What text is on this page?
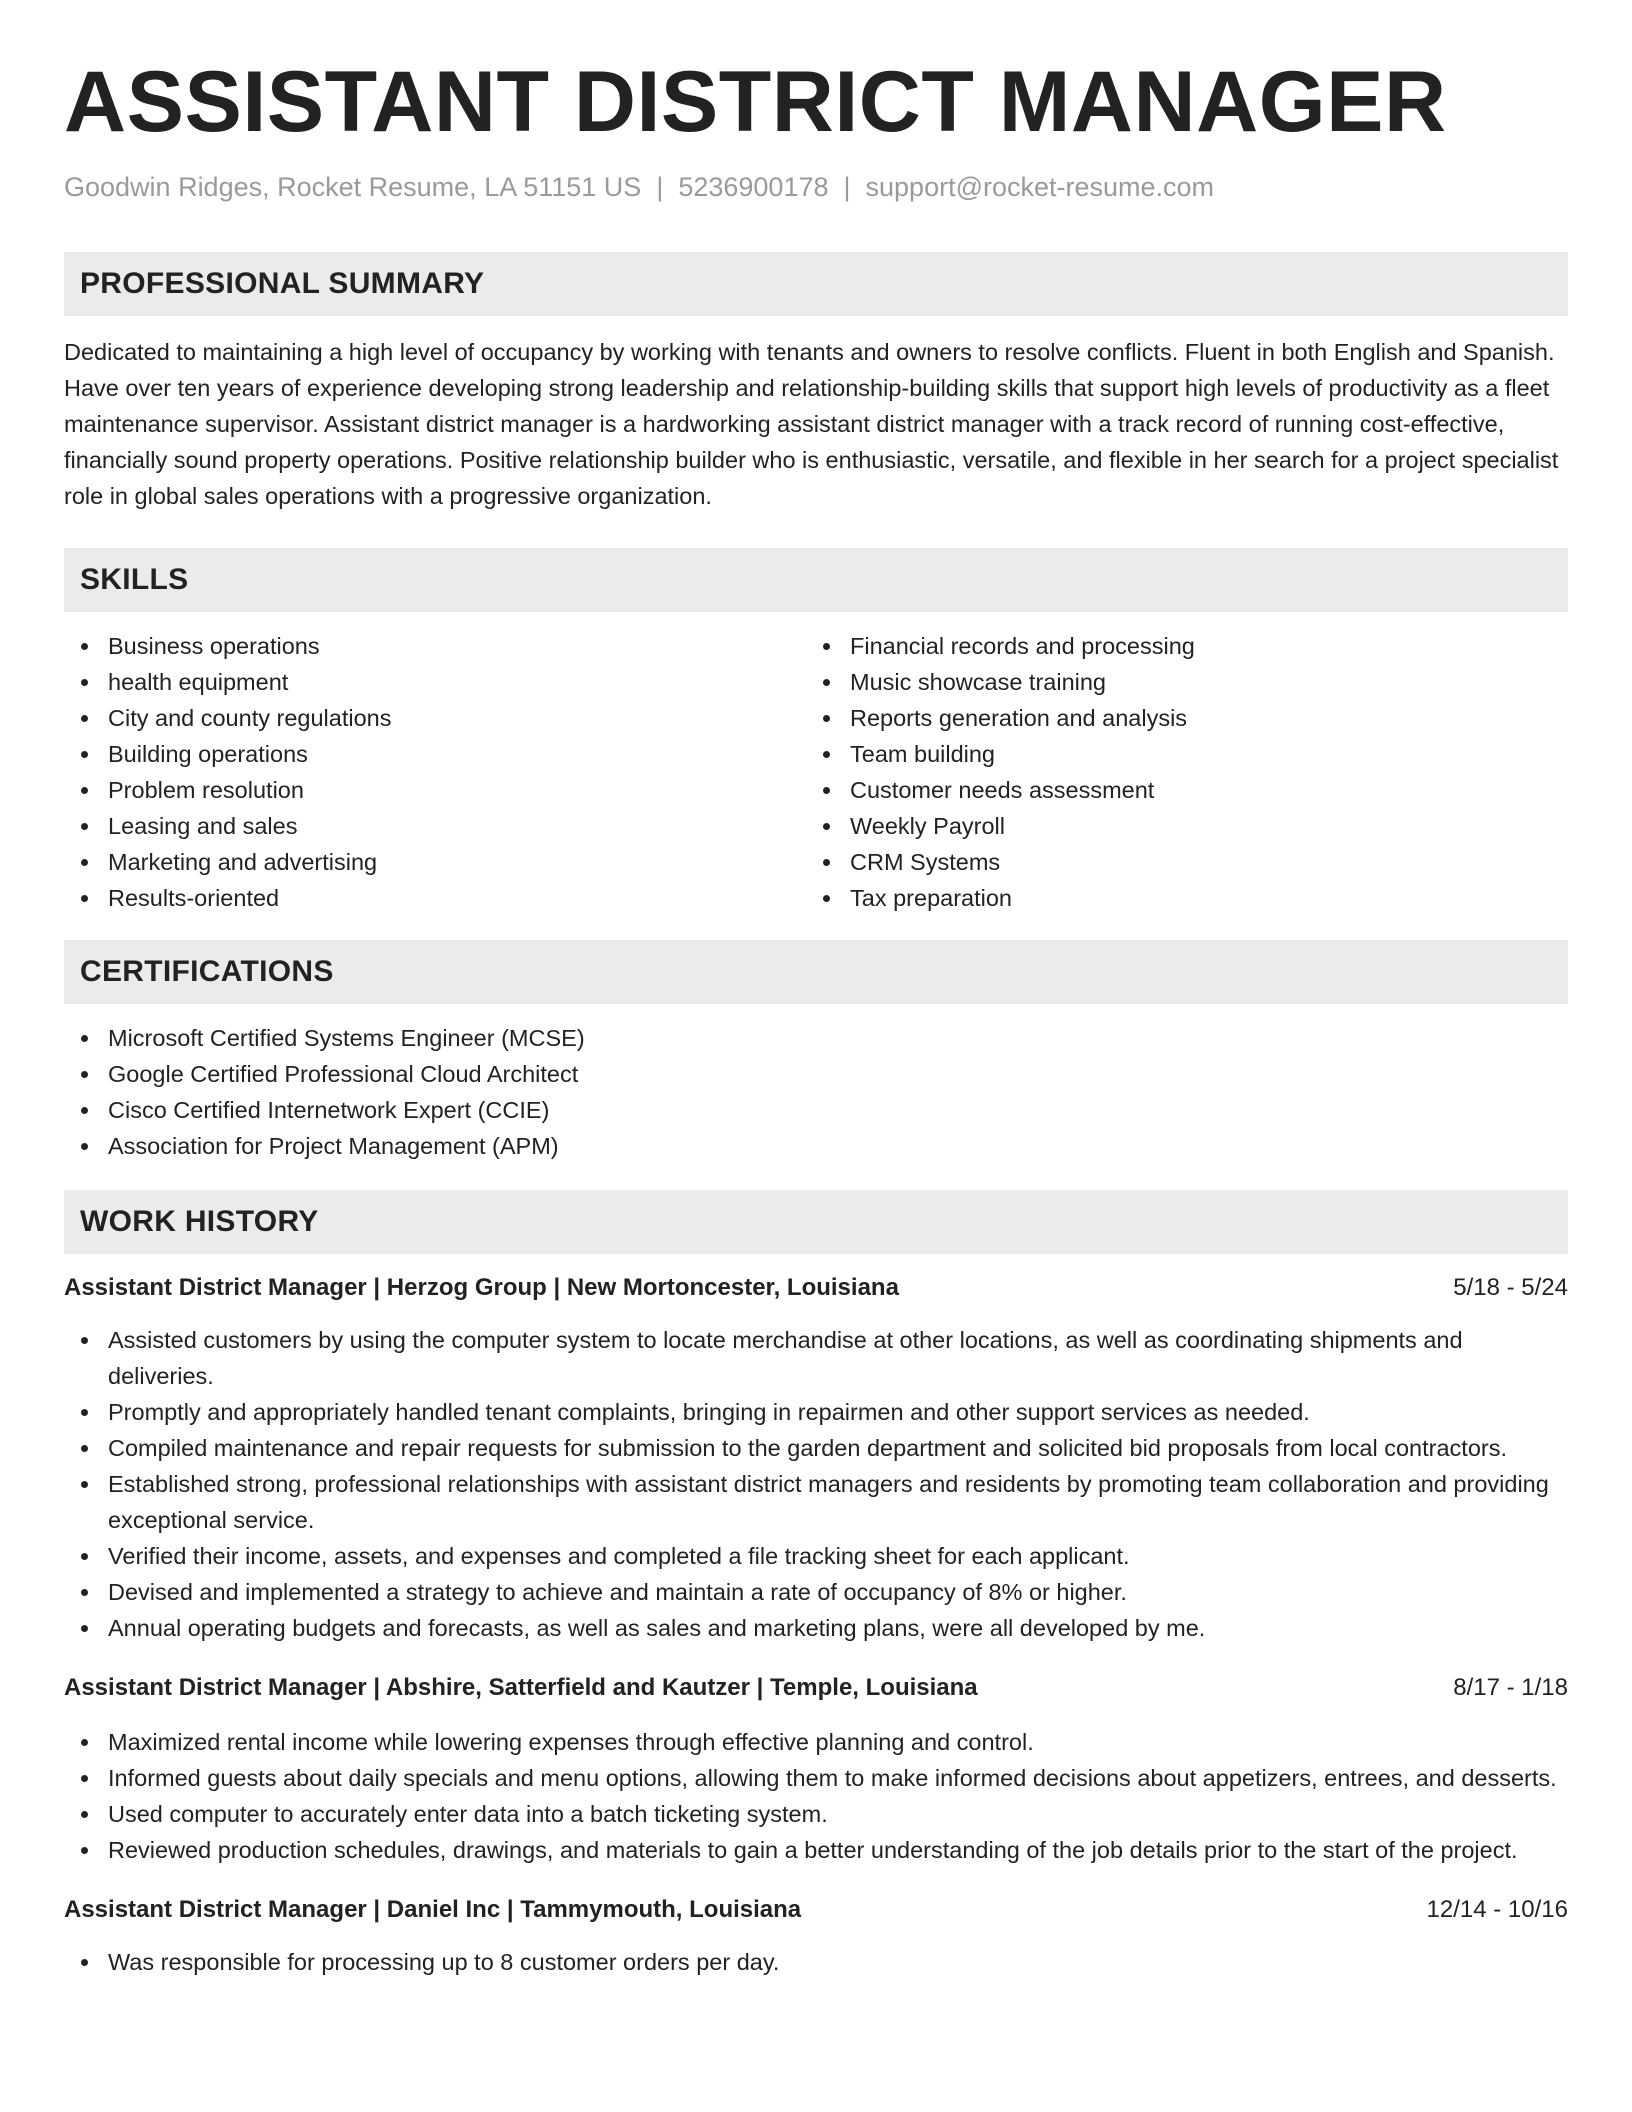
ASSISTANT DISTRICT MANAGER
Goodwin Ridges, Rocket Resume, LA 51151 US | 5236900178 | support@rocket-resume.com
PROFESSIONAL SUMMARY

Dedicated to maintaining a high level of occupancy by working with tenants and owners to resolve conflicts. Fluent in both English and Spanish. Have over ten years of experience developing strong leadership and relationship-building skills that support high levels of productivity as a fleet maintenance supervisor. Assistant district manager is a hardworking assistant district manager with a track record of running cost-effective, financially sound property operations. Positive relationship builder who is enthusiastic, versatile, and flexible in her search for a project specialist role in global sales operations with a progressive organization.

SKILLS
Business operations
health equipment
City and county regulations
Building operations
Problem resolution
Leasing and sales
Marketing and advertising
Results-oriented
Financial records and processing
Music showcase training
Reports generation and analysis
Team building
Customer needs assessment
Weekly Payroll
CRM Systems
Tax preparation
CERTIFICATIONS
Microsoft Certified Systems Engineer (MCSE)
Google Certified Professional Cloud Architect
Cisco Certified Internetwork Expert (CCIE)
Association for Project Management (APM)
WORK HISTORY
Assistant District Manager | Herzog Group | New Mortoncester, Louisiana	5/18 - 5/24
Assisted customers by using the computer system to locate merchandise at other locations, as well as coordinating shipments and deliveries.
Promptly and appropriately handled tenant complaints, bringing in repairmen and other support services as needed.
Compiled maintenance and repair requests for submission to the garden department and solicited bid proposals from local contractors.
Established strong, professional relationships with assistant district managers and residents by promoting team collaboration and providing exceptional service.
Verified their income, assets, and expenses and completed a file tracking sheet for each applicant.
Devised and implemented a strategy to achieve and maintain a rate of occupancy of 8% or higher.
Annual operating budgets and forecasts, as well as sales and marketing plans, were all developed by me.
Assistant District Manager | Abshire, Satterfield and Kautzer | Temple, Louisiana	8/17 - 1/18
Maximized rental income while lowering expenses through effective planning and control.
Informed guests about daily specials and menu options, allowing them to make informed decisions about appetizers, entrees, and desserts.
Used computer to accurately enter data into a batch ticketing system.
Reviewed production schedules, drawings, and materials to gain a better understanding of the job details prior to the start of the project.
Assistant District Manager | Daniel Inc | Tammymouth, Louisiana	12/14 - 10/16
Was responsible for processing up to 8 customer orders per day.
